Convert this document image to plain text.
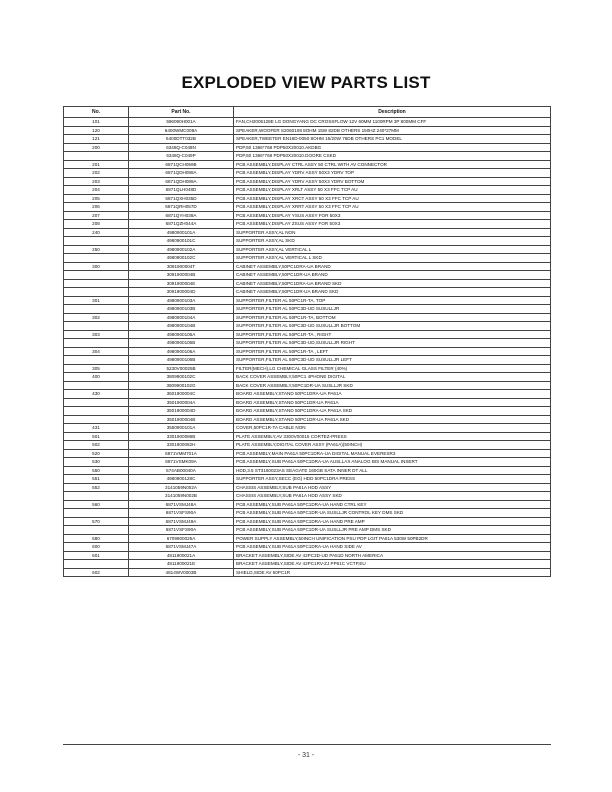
EXPLODED VIEW PARTS LIST
No.	Part No.	Description
101	596090H001A	FAN,CH2005128E LG DONGYANG DC CROSSFLOW 12V 60MM 1100RPM 3P 800MM CFF
120	6400WMC008A	SPEAKER,WOOFER S2060108 8OHM 15W 82DB OTHERS 150HZ 240*27MM
121	6400DTT032B	SPEAKER,TWEETER EN16D-0050 8OHM 15/20W 76DB OTHERS PC1 MODEL
200	6348Q-C048N	PDP,50 1366*768 PDP50X20010.AKDBG
	6348Q-C049P	PDP,50 1366*768 PDP50X20010.DOORE CSKD
201	6871QCH059B	PCB ASSEMBLY,DISPLAY CTRL ASSY 50 CTRL WITH AV CONNECTOR
202	6871QDH088A	PCB ASSEMBLY,DISPLAY YDRV ASSY 50X3 YDRV TOP
203	6871QDH089A	PCB ASSEMBLY,DISPLAY YDRV ASSY 50X3 YDRV BOTTOM
204	6871QLH048D	PCB ASSEMBLY,DISPLAY XRLT ASSY 50 X3 FFC TCP AU
205	6871QXH035D	PCB ASSEMBLY,DISPLAY XRCT ASSY 50 X3 FFC TCP AU
206	6871QRH057D	PCB ASSEMBLY,DISPLAY XRRT ASSY 50 X3 FFC TCP AU
207	6871QYH039A	PCB ASSEMBLY,DISPLAY YSUS ASSY FOR 50X3
208	6871QZH044A	PCB ASSEMBLY,DISPLAY ZSUS ASSY FOR 50X3
240	4980900101A	SUPPORTER ASSY,AL NON
	4980900101C	SUPPORTER ASSY,AL SKD
250	4980900102A	SUPPORTER ASSY,AL VERTICAL L
	4980900102C	SUPPORTER ASSY,AL VERTICAL L SKD
300	3091900004T	CABINET ASSEMBLY,50PC1DRA-UA BRAND
	3091900004B	CABINET ASSEMBLY,50PC1DR-UA BRAND
	3091900004E	CABINET ASSEMBLY,50PC1DRA-UA BRAND SKD
	3091900004D	CABINET ASSEMBLY,50PC1DR-UA BRAND SKD
301	4980900103A	SUPPORTER,FILTER AL 50PC1R-TA, TOP
	4980900103B	SUPPORTER,FILTER AL 50PC3D-UD SUSULLJR
302	4980900104A	SUPPORTER,FILTER AL 50PC1R-TA, BOTTOM
	4980900104B	SUPPORTER,FILTER AL 50PC3D-UD SUSULLJR BOTTOM
303	4980900105A	SUPPORTER,FILTER AL 50PC1R-TA , RIGHT
	4980900105B	SUPPORTER,FILTER AL 50PC3D-UD,SUSULLJR RIGHT
304	4980900106A	SUPPORTER,FILTER AL 50PC1R-TA , LEFT
	4980900106B	SUPPORTER,FILTER AL 50PC3D-UD SUSULLJR LEFT
305	5230V00025B	FILTER(MECH),LG CHEMICAL GLASS FILTER (40%)
400	3809900102C	BACK COVER ASSEMBLY,50PC1 4PHONE DIGITAL
	3809900102G	BACK COVER ASSEMBLY,50PC1DR-UA SUSLLJR SKD
430	3501900004C	BOARD ASSEMBLY,STAND 50PC1DRA-UA PA61A
	3501900004A	BOARD ASSEMBLY,STAND 50PC1DR-UA PA61A
	3501900004D	BOARD ASSEMBLY,STAND 50PC1DRA-UA PA61A SKD
	3501900004B	BOARD ASSEMBLY,STAND 50PC1DR-UA PA61A SKD
431	3550900101A	COVER,50PC1R-TA CABLE NON
501	3301900086B	PLATE ASSEMBLY,AV 3300V00015 CORTEZ-PRESS
502	3301900082H	PLATE ASSEMBLY,DIGITAL COVER ASSY (PA61A)(50INCH)
520	6871VMM701A	PCB ASSEMBLY,MAIN PA61A 50PC1DRA-UA DIGITAL MANUAL EVERESR3
530	6871VSMK09A	PCB ASSEMBLY,SUB PA61A 50PC1DRA-UA AUSLLAX ANALOG BIS MANUAL INSERT
550	674AB00040A	HDD,3.5 ST3160023AS SEAGATE 160GB SATA INNER DT ALL
551	4980900128C	SUPPORTER ASSY,SECC (EG) HDD 50PC1DRA PRESS
552	3141059N002A	CHASSIS ASSEMBLY,SUB PA61A HDD ASSY
	3141059N002B	CHASSIS ASSEMBLY,SUB PA61A HDD ASSY SKD
560	6871VSMJ48A	PCB ASSEMBLY,SUB PA61A 50PC1DRA-UA HAND CTRL KEY
	6871VSFS90A	PCB ASSEMBLY,SUB PA61A 50PC1DR-UA SUSLLJR CONTROL KEY DMS SKD
570	6871VSMJ49A	PCB ASSEMBLY,SUB PA61A 50PC1DRA-UA HAND PRE AMP
	6871VSFS90A	PCB ASSEMBLY,SUB PA61A 50PC1DR-UA SUSLLJR PRE AMP DMS SKD
580	6709900025A	POWER SUPPLY ASSEMBLY,50INCH UNIFICATION PSU PDP LGIT PA61A 530W 50PB2DR
600	6871VSMJ47A	PCB ASSEMBLY,SUB PA61A 50PC1DRA-UA HAND SIDE AV
601	4811900021A	BRACKET ASSEMBLY,SIDE AV 42PC3D-UD PA51D NORTH AMERICA
	4811900021E	BRACKET ASSEMBLY,SIDE AV 42PC1RV-ZJ PP61C VCTP,EU
602	4814WV0003B	SHIELD,SIDE AV 50PC1R
- 31 -
